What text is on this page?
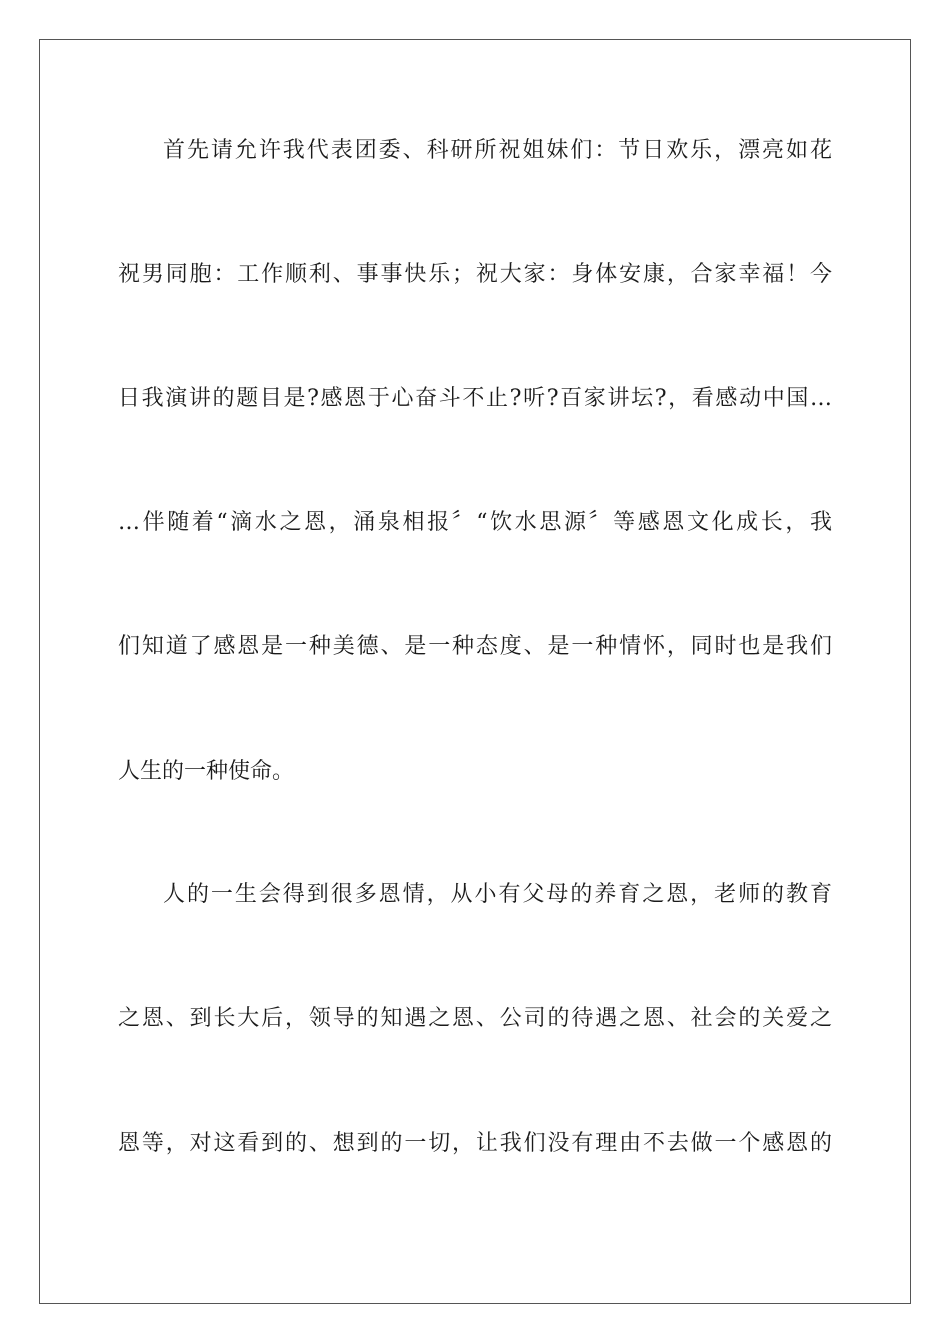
首先请允许我代表团委、科研所祝姐妹们：节日欢乐，漂亮如花
祝男同胞：工作顺利、事事快乐；祝大家：身体安康，合家幸福！今
日我演讲的题目是?感恩于心奋斗不止?听?百家讲坛?，看感动中国…
…伴随着“滴水之恩，涌泉相报〞“饮水思源〞等感恩文化成长，我
们知道了感恩是一种美德、是一种态度、是一种情怀，同时也是我们
人生的一种使命。
人的一生会得到很多恩情，从小有父母的养育之恩，老师的教育
之恩、到长大后，领导的知遇之恩、公司的待遇之恩、社会的关爱之
恩等，对这看到的、想到的一切，让我们没有理由不去做一个感恩的
